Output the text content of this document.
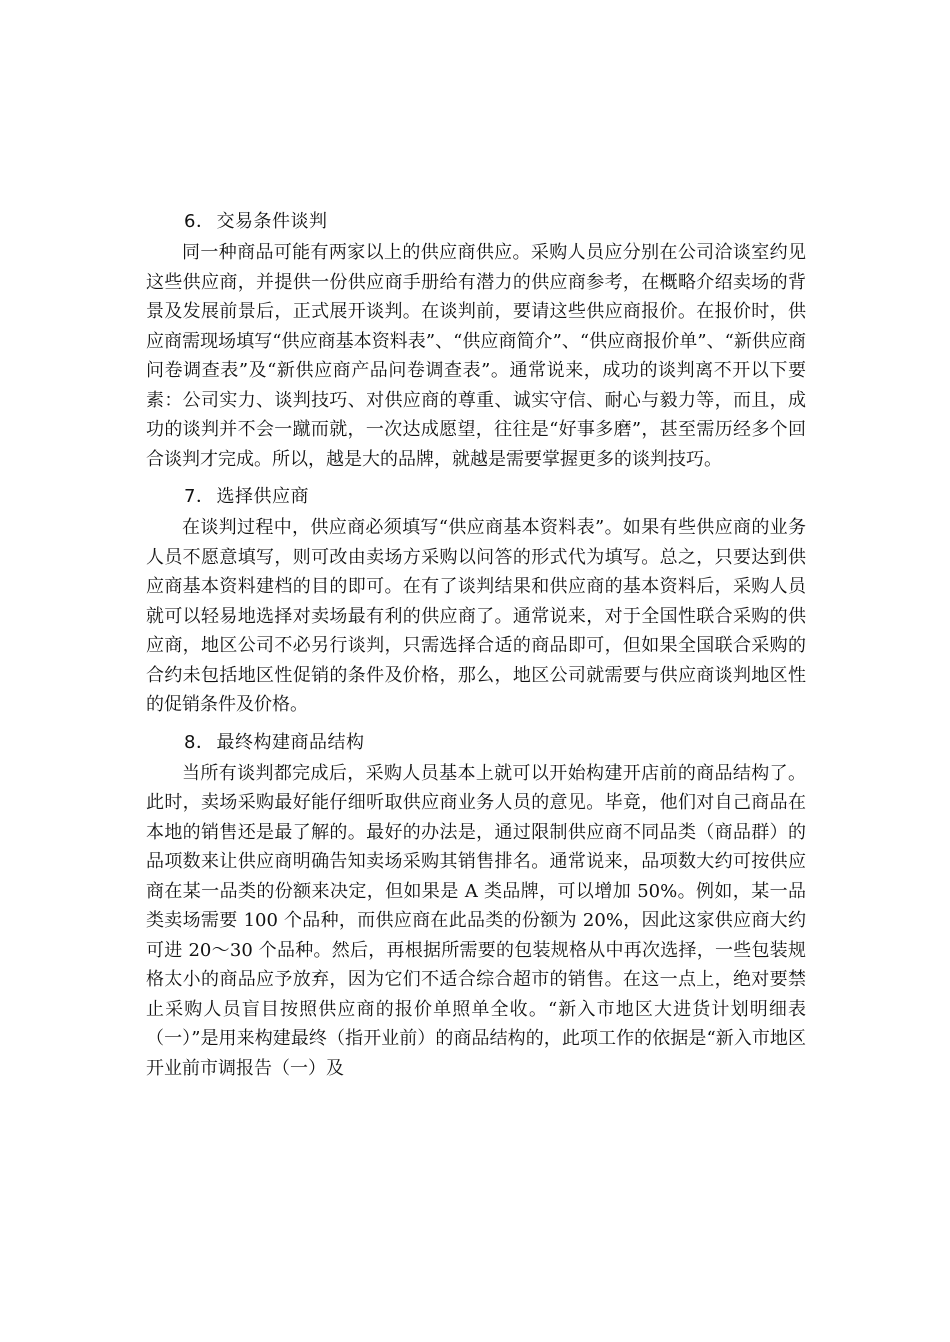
6． 交易条件谈判

同一种商品可能有两家以上的供应商供应。采购人员应分别在公司洽谈室约见这些供应商，并提供一份供应商手册给有潜力的供应商参考，在概略介绍卖场的背景及发展前景后，正式展开谈判。在谈判前，要请这些供应商报价。在报价时，供应商需现场填写“供应商基本资料表”、“供应商简介”、“供应商报价单”、“新供应商问卷调查表”及“新供应商产品问卷调查表”。通常说来，成功的谈判离不开以下要素：公司实力、谈判技巧、对供应商的尊重、诚实守信、耐心与毅力等，而且，成功的谈判并不会一蹴而就，一次达成愿望，往往是“好事多磨”，甚至需历经多个回合谈判才完成。所以，越是大的品牌，就越是需要掌握更多的谈判技巧。

7． 选择供应商

在谈判过程中，供应商必须填写“供应商基本资料表”。如果有些供应商的业务人员不愿意填写，则可改由卖场方采购以问答的形式代为填写。总之，只要达到供应商基本资料建档的目的即可。在有了谈判结果和供应商的基本资料后，采购人员就可以轻易地选择对卖场最有利的供应商了。通常说来，对于全国性联合采购的供应商，地区公司不必另行谈判，只需选择合适的商品即可，但如果全国联合采购的合约未包括地区性促销的条件及价格，那么，地区公司就需要与供应商谈判地区性的促销条件及价格。

8． 最终构建商品结构

当所有谈判都完成后，采购人员基本上就可以开始构建开店前的商品结构了。此时，卖场采购最好能仔细听取供应商业务人员的意见。毕竟，他们对自己商品在本地的销售还是最了解的。最好的办法是，通过限制供应商不同品类（商品群）的品项数来让供应商明确告知卖场采购其销售排名。通常说来，品项数大约可按供应商在某一品类的份额来决定，但如果是 A 类品牌，可以增加 50%。例如，某一品类卖场需要 100 个品种，而供应商在此品类的份额为 20%，因此这家供应商大约可进 20～30 个品种。然后，再根据所需要的包装规格从中再次选择，一些包装规格太小的商品应予放弃，因为它们不适合综合超市的销售。在这一点上，绝对要禁止采购人员盲目按照供应商的报价单照单全收。“新入市地区大进货计划明细表（一）”是用来构建最终（指开业前）的商品结构的，此项工作的依据是“新入市地区开业前市调报告（一）及
